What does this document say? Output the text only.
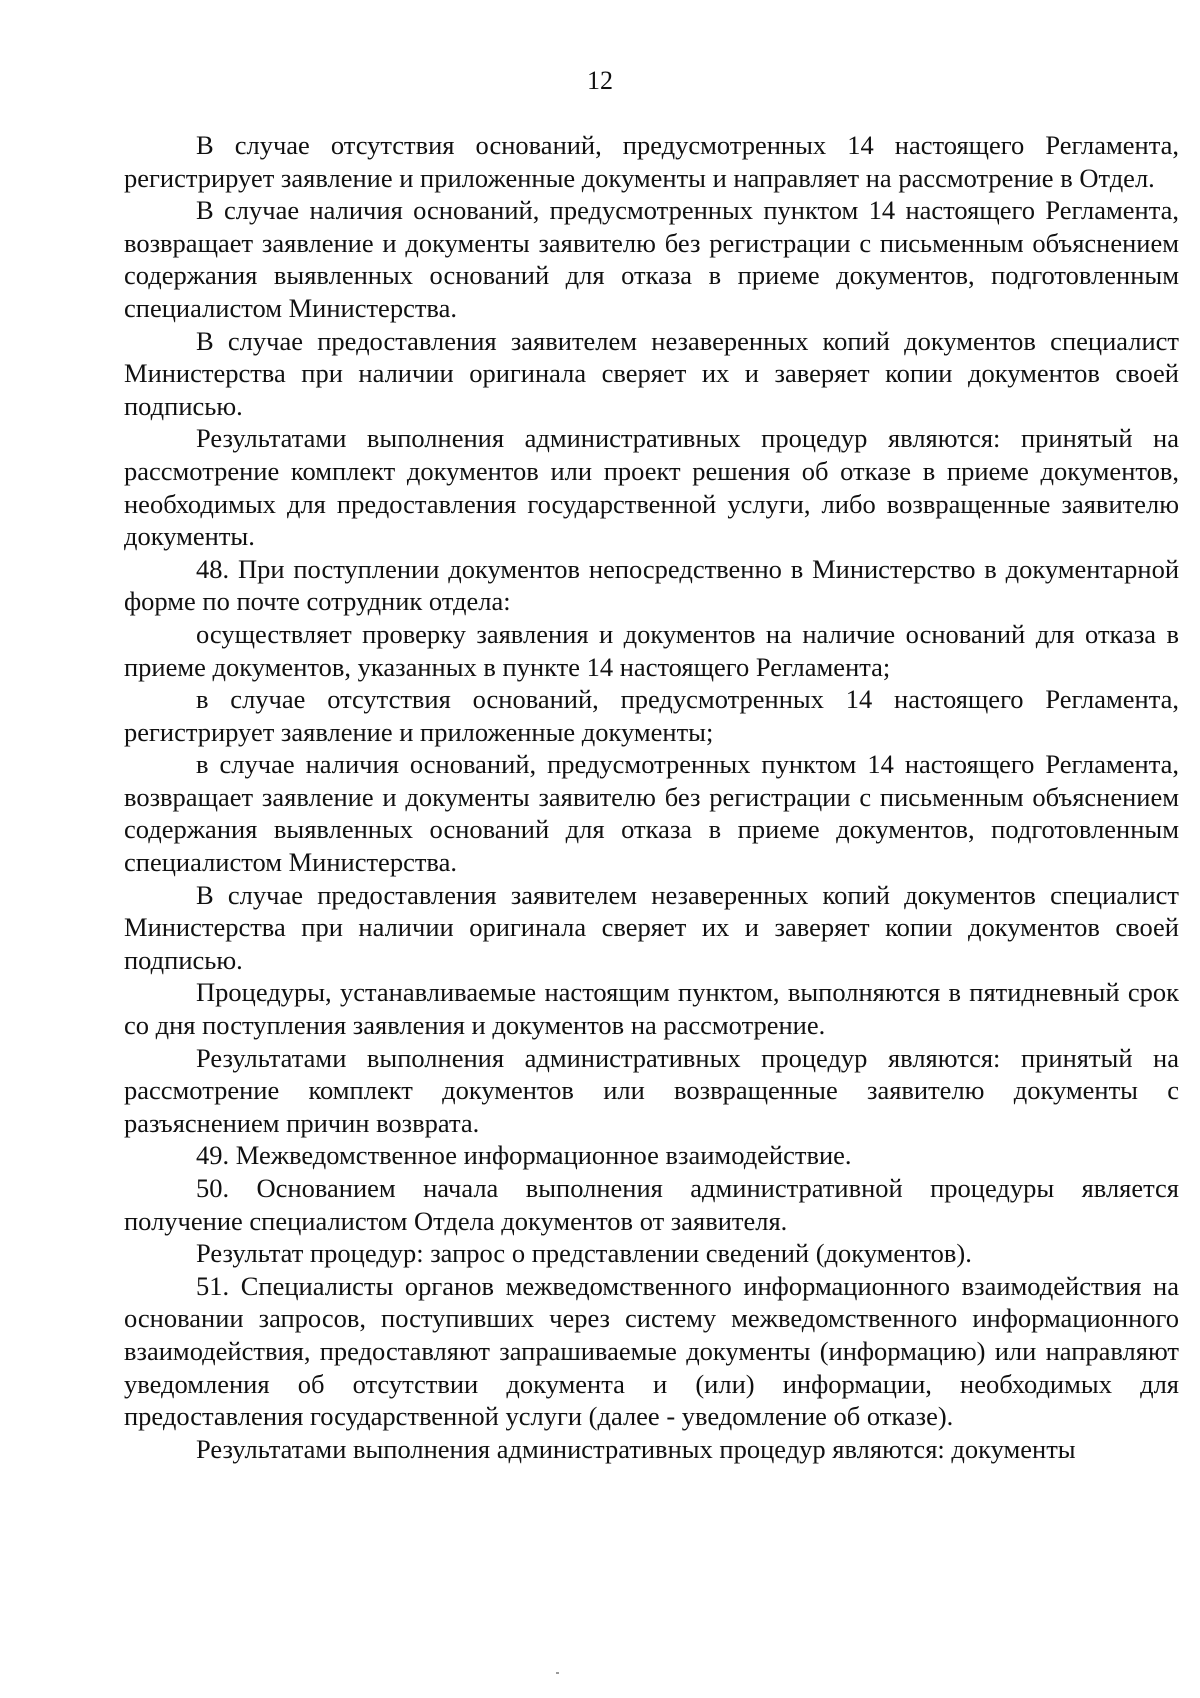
12

В случае отсутствия оснований, предусмотренных 14 настоящего Регламента, регистрирует заявление и приложенные документы и направляет на рассмотрение в Отдел.

В случае наличия оснований, предусмотренных пунктом 14 настоящего Регламента, возвращает заявление и документы заявителю без регистрации с письменным объяснением содержания выявленных оснований для отказа в приеме документов, подготовленным специалистом Министерства.

В случае предоставления заявителем незаверенных копий документов специалист Министерства при наличии оригинала сверяет их и заверяет копии документов своей подписью.

Результатами выполнения административных процедур являются: принятый на рассмотрение комплект документов или проект решения об отказе в приеме документов, необходимых для предоставления государственной услуги, либо возвращенные заявителю документы.

48. При поступлении документов непосредственно в Министерство в документарной форме по почте сотрудник отдела:

осуществляет проверку заявления и документов на наличие оснований для отказа в приеме документов, указанных в пункте 14 настоящего Регламента;

в случае отсутствия оснований, предусмотренных 14 настоящего Регламента, регистрирует заявление и приложенные документы;

в случае наличия оснований, предусмотренных пунктом 14 настоящего Регламента, возвращает заявление и документы заявителю без регистрации с письменным объяснением содержания выявленных оснований для отказа в приеме документов, подготовленным специалистом Министерства.

В случае предоставления заявителем незаверенных копий документов специалист Министерства при наличии оригинала сверяет их и заверяет копии документов своей подписью.

Процедуры, устанавливаемые настоящим пунктом, выполняются в пятидневный срок со дня поступления заявления и документов на рассмотрение.

Результатами выполнения административных процедур являются: принятый на рассмотрение комплект документов или возвращенные заявителю документы с разъяснением причин возврата.

49. Межведомственное информационное взаимодействие.

50. Основанием начала выполнения административной процедуры является получение специалистом Отдела документов от заявителя.

Результат процедур: запрос о представлении сведений (документов).

51. Специалисты органов межведомственного информационного взаимодействия на основании запросов, поступивших через систему межведомственного информационного взаимодействия, предоставляют запрашиваемые документы (информацию) или направляют уведомления об отсутствии документа и (или) информации, необходимых для предоставления государственной услуги (далее - уведомление об отказе).

Результатами выполнения административных процедур являются: документы
